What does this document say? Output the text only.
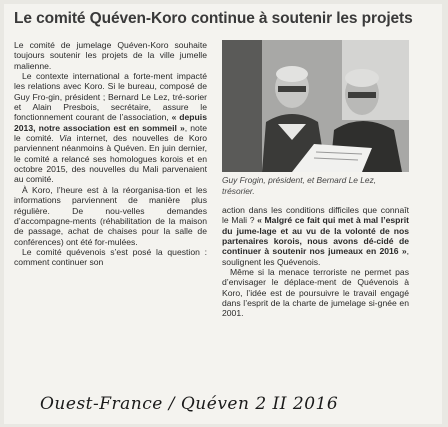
Le comité Quéven-Koro continue à soutenir les projets

Le comité de jumelage Quéven-Koro souhaite toujours soutenir les projets de la ville jumelle malienne.

Le contexte international a forte-ment impacté les relations avec Koro. Si le bureau, composé de Guy Fro-gin, président ; Bernard Le Lez, tré-sorier et Alain Presbois, secrétaire, assure le fonctionnement courant de l’association, « depuis 2013, notre association est en sommeil », note le comité. Via internet, des nouvelles de Koro parviennent néanmoins à Quéven. En juin dernier, le comité a relancé ses homologues korois et en octobre 2015, des nouvelles du Mali parvenaient au comité.

À Koro, l’heure est à la réorganisa-tion et les informations parviennent de manière plus régulière. De nou-velles demandes d’accompagne-ments (réhabilitation de la maison de passage, achat de chaises pour la salle de conférences) ont été for-mulées.

Le comité quévenois s’est posé la question : comment continuer son

Guy Frogin, président, et Bernard Le Lez, trésorier.

action dans les conditions difficiles que connaît le Mali ? « Malgré ce fait qui met à mal l’esprit du jume-lage et au vu de la volonté de nos partenaires korois, nous avons dé-cidé de continuer à soutenir nos jumeaux en 2016 », soulignent les Quévenois.

Même si la menace terroriste ne permet pas d’envisager le déplace-ment de Quévenois à Koro, l’idée est de poursuivre le travail engagé dans l’esprit de la charte de jumelage si-gnée en 2001.

Ouest-France / Quéven 2 II 2016
